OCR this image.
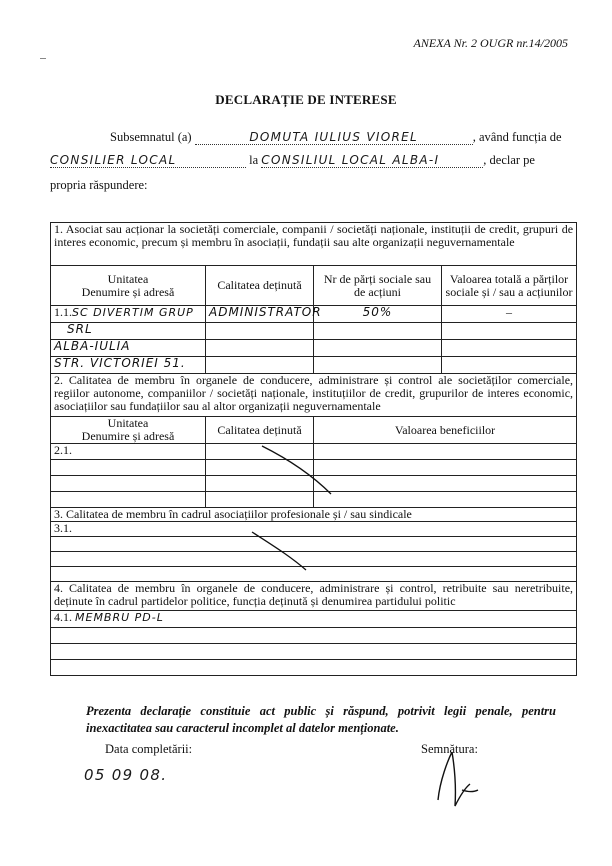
ANEXA Nr. 2 OUGR nr.14/2005
DECLARAȚIE DE INTERESE
Subsemnatul (a)	DOMUTA IULIUS VIOREL	, având funcția de
CONSILIER LOCAL	la CONSILIUL LOCAL ALBA-I	, declar pe
propria răspundere:
1. Asociat sau acționar la societăți comerciale, companii / societăți naționale, instituții de credit, grupuri de interes economic, precum și membru în asociații, fundații sau alte organizații neguvernamentale			
Unitatea
Denumire și adresă	Calitatea deținută	Nr de părți sociale sau de acțiuni	Valoarea totală a părților sociale și / sau a acțiunilor
1.1.SC DIVERTIM GRUP	ADMINISTRATOR	50%	–
SRL			
ALBA-IULIA			
STR. VICTORIEI 51.			
2. Calitatea de membru în organele de conducere, administrare și control ale societăților comerciale, regiilor autonome, companiilor / societăți naționale, instituțiilor de credit, grupurilor de interes economic, asociațiilor sau fundațiilor sau al altor organizații neguvernamentale			
Unitatea
Denumire și adresă	Calitatea deținută	Valoarea beneficiilor	
2.1.			

3. Calitatea de membru în cadrul asociațiilor profesionale și / sau sindicale			
3.1.			

4. Calitatea de membru în organele de conducere, administrare și control, retribuite sau neretribuite, deținute în cadrul partidelor politice, funcția deținută și denumirea partidului politic			
4.1. MEMBRU PD-L			

Prezenta declarație constituie act public și răspund, potrivit legii penale, pentru inexactitatea sau caracterul incomplet al datelor menționate.
Data completării:
05 09 08.
Semnătura:
